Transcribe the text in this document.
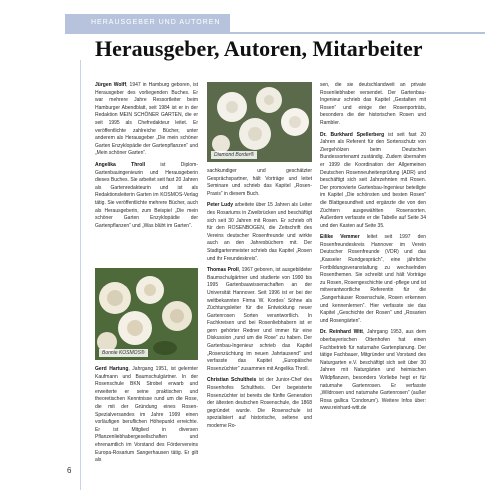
HERAUSGEBER UND AUTOREN
Herausgeber, Autoren, Mitarbeiter

Jürgen Wolff, 1947 in Hamburg geboren, ist Herausgeber des vorliegenden Buches. Er war mehrere Jahre Ressortleiter beim Hamburger Abendblatt, seit 1984 ist er in der Redaktion MEIN SCHÖNER GARTEN, die er seit 1995 als Chefredakteur leitet. Er veröffentlichte zahlreiche Bücher, unter anderem als Herausgeber „Die mein schöner Garten Enzyklopädie der Gartenpflanzen“ und „Mein schöner Garten“.

Angelika Throll ist Diplom-Gartenbauingenieurin und Herausgeberin dieses Buches. Sie arbeitet seit fast 20 Jahren als Gartenredakteurin und ist als Redaktionsleiterin Garten im KOSMOS-Verlag tätig. Sie veröffentlichte mehrere Bücher, auch als Herausgeberin, zum Beispiel „Die mein schöner Garten Enzyklopädie der Gartenpflanzen“ und „Was blüht im Garten“.

Bonnie KOSMOS®

Gerd Hartung, Jahrgang 1951, ist gelernter Kaufmann und Baumschulgärtner. In der Rosenschule BKN Strobel erwarb und erweiterte er seine praktischen und theoretischen Kenntnisse rund um die Rose, die mit der Gründung eines Rosen-Spezialversandes im Jahre 1999 einen vorläufigen beruflichen Höhepunkt erreichte. Er ist Mitglied in diversen Pflanzenliebhabergesellschaften und ehrenamtlich im Vorstand des Fördervereins Europa-Rosarium Sangerhausen tätig. Er gilt als

Diamond Border®

sachkundiger und geschätzter Gesprächspartner, hält Vorträge und leitet Seminare und schrieb das Kapitel „Rosen-Praxis“ in diesem Buch.

Peter Ludy arbeitete über 15 Jahren als Leiter des Rosariums in Zweibrücken und beschäftigt sich seit 30 Jahren mit Rosen. Er schrieb oft für den ROSENBOGEN, die Zeitschrift des Vereins deutscher Rosenfreunde und wirkte auch an den Jahresbüchern mit. Der Stadtgartenmeister schrieb das Kapitel „Rosen und ihr Freundeskreis“.

Thomas Proll, 1967 geboren, ist ausgebildeter Baumschulgärtner und studierte von 1990 bis 1995 Gartenbauwissenschaften an der Universität Hannover. Seit 1996 ist er bei der weltbekannten Firma W. Kordes’ Söhne als Züchtungsleiter für die Entwicklung neuer Gartenrosen Sorten verantwortlich. In Fachkreisen und bei Rosenliebhabern ist er gern gehörter Redner und immer für eine Diskussion „rund um die Rose“ zu haben. Der Gartenbau-Ingenieur schrieb das Kapitel „Rosenzüchtung im neuen Jahrtausend“ und verfasste das Kapitel „Europäische Rosenzüchter“ zusammen mit Angelika Throll.

Christian Schultheis ist der Junior-Chef des Rosenhofes Schultheis. Der begeisterte Rosenzüchter ist bereits die fünfte Generation der ältesten deutschen Rosenschule, die 1868 gegründet wurde. Die Rosenschule ist spezialisiert auf historische, seltene und moderne Ro-

sen, die sie deutschlandweit an private Rosenliebhaber versendet. Der Gartenbau-Ingenieur schrieb das Kapitel „Gestalten mit Rosen“ und einige der Rosenporträts, besonders die der historischen Rosen und Rambler.

Dr. Burkhard Spellerberg ist seit fast 20 Jahren als Referent für den Sortenschutz von Ziergehölzen beim Deutschen Bundessortenamt zuständig. Zudem übernahm er 1999 die Koordination der Allgemeinen Deutschen Rosenneuheitenprüfung (ADR) und beschäftigt sich seit Jahrzehnten mit Rosen. Der promovierte Gartenbau-Ingenieur beteiligte im Kapitel „Die schönsten und besten Rosen“ die Blattgesundheit und ergänzte die von den Züchtern ausgewählten Rosensorten. Außerdem verfasste er die Tabelle auf Seite 34 und den Kasten auf Seite 35.

Eilike Vemmer leitet seit 1997 den Rosenfreundeskreis Hannover im Verein Deutscher Rosenfreunde (VDR) und das „Kasseler Rundgespräch“, eine jährliche Fortbildungsveranstaltung zu wechselnden Rosenthemen. Sie schreibt und hält Vorträge zu Rosen, Rosengeschichte und -pflege und ist mitverantwortliche Referentin für die „Sangerhäuser Rosenschule, Rosen erkennen und kennenlernen“. Hier verfasste sie das Kapitel „Geschichte der Rosen“ und „Rosarien und Rosengärten“.

Dr. Reinhard Witt, Jahrgang 1953, aus dem oberbayerischen Ottenhofen hat einen Fachbetrieb für naturnahe Gartenplanung. Der tätige Fachbauer, Mitgründer und Vorstand des Naturgarten e.V. beschäftigt sich seit über 30 Jahren mit Naturgärten und heimischen Wildpflanzen, besonders Vorliebe hegt er für naturnahe Gartenrosen. Er verfasste „Wildrosen und naturnahe Gartenrosen“ (außer Rosa gallica ‘Condorum’). Weitere Infos über: www.reinhard-witt.de

6
